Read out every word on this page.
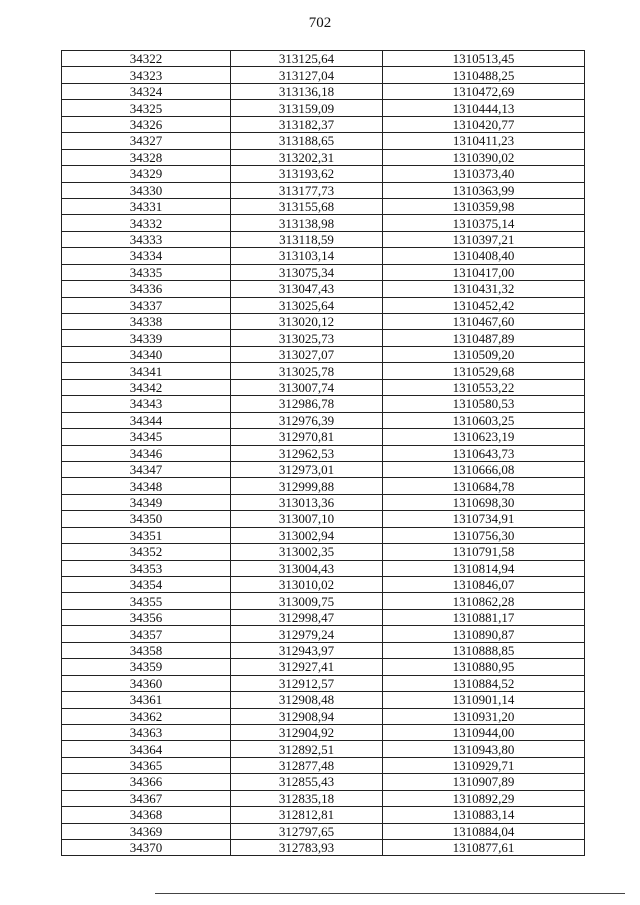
702
34322	313125,64	1310513,45
34323	313127,04	1310488,25
34324	313136,18	1310472,69
34325	313159,09	1310444,13
34326	313182,37	1310420,77
34327	313188,65	1310411,23
34328	313202,31	1310390,02
34329	313193,62	1310373,40
34330	313177,73	1310363,99
34331	313155,68	1310359,98
34332	313138,98	1310375,14
34333	313118,59	1310397,21
34334	313103,14	1310408,40
34335	313075,34	1310417,00
34336	313047,43	1310431,32
34337	313025,64	1310452,42
34338	313020,12	1310467,60
34339	313025,73	1310487,89
34340	313027,07	1310509,20
34341	313025,78	1310529,68
34342	313007,74	1310553,22
34343	312986,78	1310580,53
34344	312976,39	1310603,25
34345	312970,81	1310623,19
34346	312962,53	1310643,73
34347	312973,01	1310666,08
34348	312999,88	1310684,78
34349	313013,36	1310698,30
34350	313007,10	1310734,91
34351	313002,94	1310756,30
34352	313002,35	1310791,58
34353	313004,43	1310814,94
34354	313010,02	1310846,07
34355	313009,75	1310862,28
34356	312998,47	1310881,17
34357	312979,24	1310890,87
34358	312943,97	1310888,85
34359	312927,41	1310880,95
34360	312912,57	1310884,52
34361	312908,48	1310901,14
34362	312908,94	1310931,20
34363	312904,92	1310944,00
34364	312892,51	1310943,80
34365	312877,48	1310929,71
34366	312855,43	1310907,89
34367	312835,18	1310892,29
34368	312812,81	1310883,14
34369	312797,65	1310884,04
34370	312783,93	1310877,61
